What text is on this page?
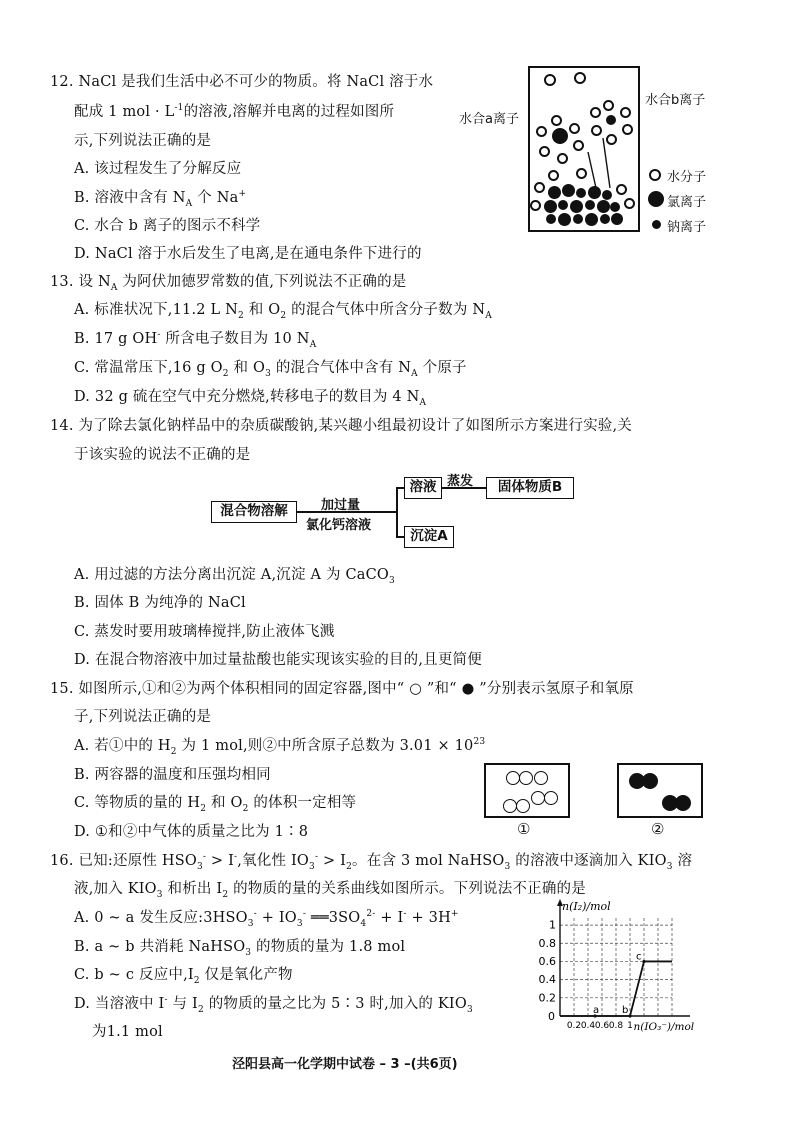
12. NaCl 是我们生活中必不可少的物质。将 NaCl 溶于水
配成 1 mol · $L^{-1}$的溶液,溶解并电离的过程如图所
示,下列说法正确的是
A. 该过程发生了分解反应
B. 溶液中含有 $N_A$ 个 Na+
C. 水合 b 离子的图示不科学
D. NaCl 溶于水后发生了电离,是在通电条件下进行的
水合a离子
水合b离子
水分子
氯离子
钠离子
13. 设 $N_A$ 为阿伏加德罗常数的值,下列说法不正确的是
A. 标准状况下,11.2 L $N_2$ 和 $O_2$ 的混合气体中所含分子数为 $N_A$
B. 17 g OH- 所含电子数目为 10 $N_A$
C. 常温常压下,16 g $O_2$ 和 $O_3$ 的混合气体中含有 $N_A$ 个原子
D. 32 g 硫在空气中充分燃烧,转移电子的数目为 4 $N_A$
14. 为了除去氯化钠样品中的杂质碳酸钠,某兴趣小组最初设计了如图所示方案进行实验,关
于该实验的说法不正确的是
混合物溶解	加过量
氯化钙溶液
溶液 蒸发	固体物质B
沉淀A
A. 用过滤的方法分离出沉淀 A,沉淀 A 为 CaCO$_3$
B. 固体 B 为纯净的 NaCl
C. 蒸发时要用玻璃棒搅拌,防止液体飞溅
D. 在混合物溶液中加过量盐酸也能实现该实验的目的,且更简便
15. 如图所示,①和②为两个体积相同的固定容器,图中“ ○ ”和“ ● ”分别表示氢原子和氧原
子,下列说法正确的是
A. 若①中的 $H_2$ 为 1 mol,则②中所含原子总数为 $3.01 \times 10^{23}$
B. 两容器的温度和压强均相同
C. 等物质的量的 $H_2$ 和 $O_2$ 的体积一定相等
D. ①和②中气体的质量之比为 1∶8	①	②
16. 已知:还原性 $HSO_3^- > I^-$,氧化性 $IO_3^- > I_2$。在含 3 mol NaHSO$_3$ 的溶液中逐滴加入 $KIO_3$ 溶
液,加入 $KIO_3$ 和析出 $I_2$ 的物质的量的关系曲线如图所示。下列说法不正确的是
A. 0 ~ a 发生反应$:3HSO_3^- + IO_3^-$ $══3SO_4^{2-} + I^- + 3H^+$
B. a ~ b 共消耗 NaHSO$_3$ 的物质的量为 1.8 mol
C. b ~ c 反应中$,I_2$ 仅是氧化产物
D. 当溶液中 I- 与 $I_2$ 的物质的量之比为 5∶3 时,加入的 $KIO_3$
为1.1 mol
0.2
0.4
0.6
0.8
1
0
0.2 0.4 0.6 0.8 1
n(I₂)/mol
n(IO₃⁻)/mol
a b
c
泾阳县高一化学期中试卷 – 3 –(共6页)
